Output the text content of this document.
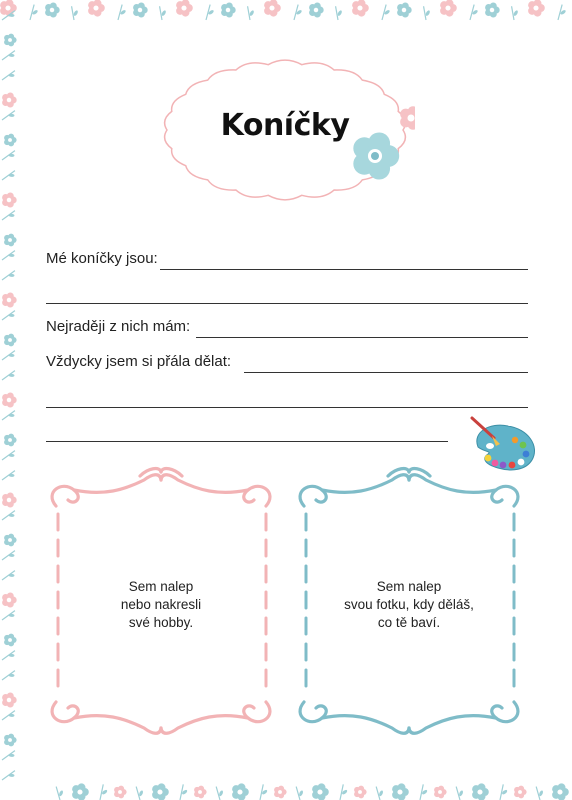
Koníčky
Mé koníčky jsou:
Nejraději z nich mám:
Vždycky jsem si přála dělat:
Sem nalep
nebo nakresli
své hobby.
Sem nalep
svou fotku, kdy děláš,
co tě baví.
